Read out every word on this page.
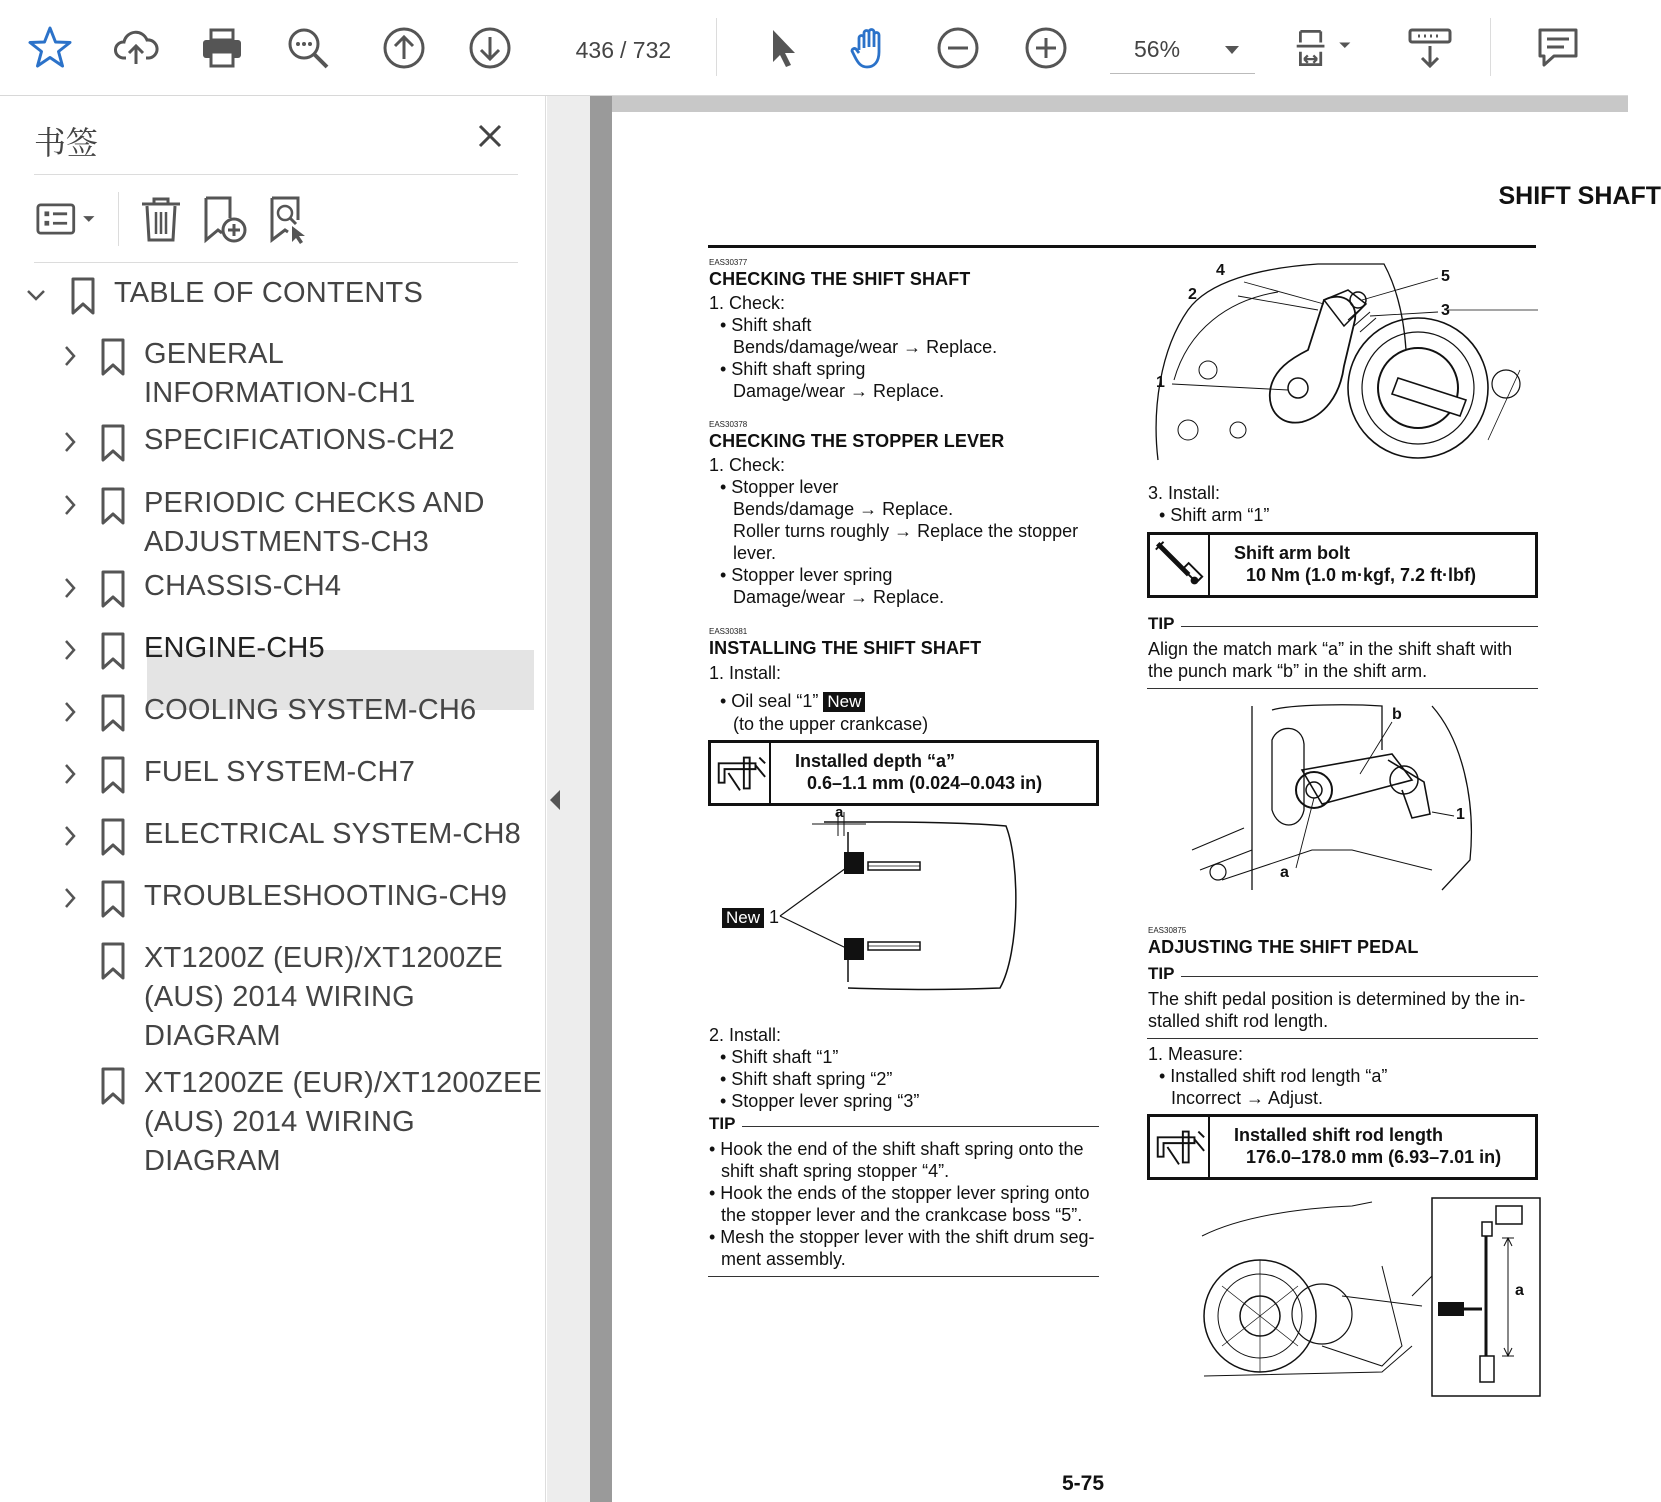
436 / 732	56%
书签
TABLE OF CONTENTS
GENERAL
INFORMATION-CH1
SPECIFICATIONS-CH2
PERIODIC CHECKS AND
ADJUSTMENTS-CH3
CHASSIS-CH4
ENGINE-CH5
COOLING SYSTEM-CH6
FUEL SYSTEM-CH7
ELECTRICAL SYSTEM-CH8
TROUBLESHOOTING-CH9
XT1200Z (EUR)/XT1200ZE
(AUS) 2014 WIRING
DIAGRAM
XT1200ZE (EUR)/XT1200ZEE
(AUS) 2014 WIRING
DIAGRAM
SHIFT SHAFT
EAS30377
CHECKING THE SHIFT SHAFT
1. Check:
• Shift shaft
Bends/damage/wear → Replace.
• Shift shaft spring
Damage/wear → Replace.
EAS30378
CHECKING THE STOPPER LEVER
1. Check:
• Stopper lever
Bends/damage → Replace.
Roller turns roughly → Replace the stopper
lever.
• Stopper lever spring
Damage/wear → Replace.
EAS30381
INSTALLING THE SHIFT SHAFT
1. Install:
• Oil seal “1” New
(to the upper crankcase)
Installed depth “a”
0.6–1.1 mm (0.024–0.043 in)
a
New 1
2. Install:
• Shift shaft “1”
• Shift shaft spring “2”
• Stopper lever spring “3”
TIP
• Hook the end of the shift shaft spring onto the
shift shaft spring stopper “4”.
• Hook the ends of the stopper lever spring onto
the stopper lever and the crankcase boss “5”.
• Mesh the stopper lever with the shift drum seg-
ment assembly.
4
2
5
3
1
3. Install:
• Shift arm “1”
Shift arm bolt
10 Nm (1.0 m·kgf, 7.2 ft·lbf)
TIP
Align the match mark “a” in the shift shaft with
the punch mark “b” in the shift arm.
b
1
a
EAS30875
ADJUSTING THE SHIFT PEDAL
TIP
The shift pedal position is determined by the in-
stalled shift rod length.
1. Measure:
• Installed shift rod length “a”
Incorrect → Adjust.
Installed shift rod length
176.0–178.0 mm (6.93–7.01 in)
a
5-75
